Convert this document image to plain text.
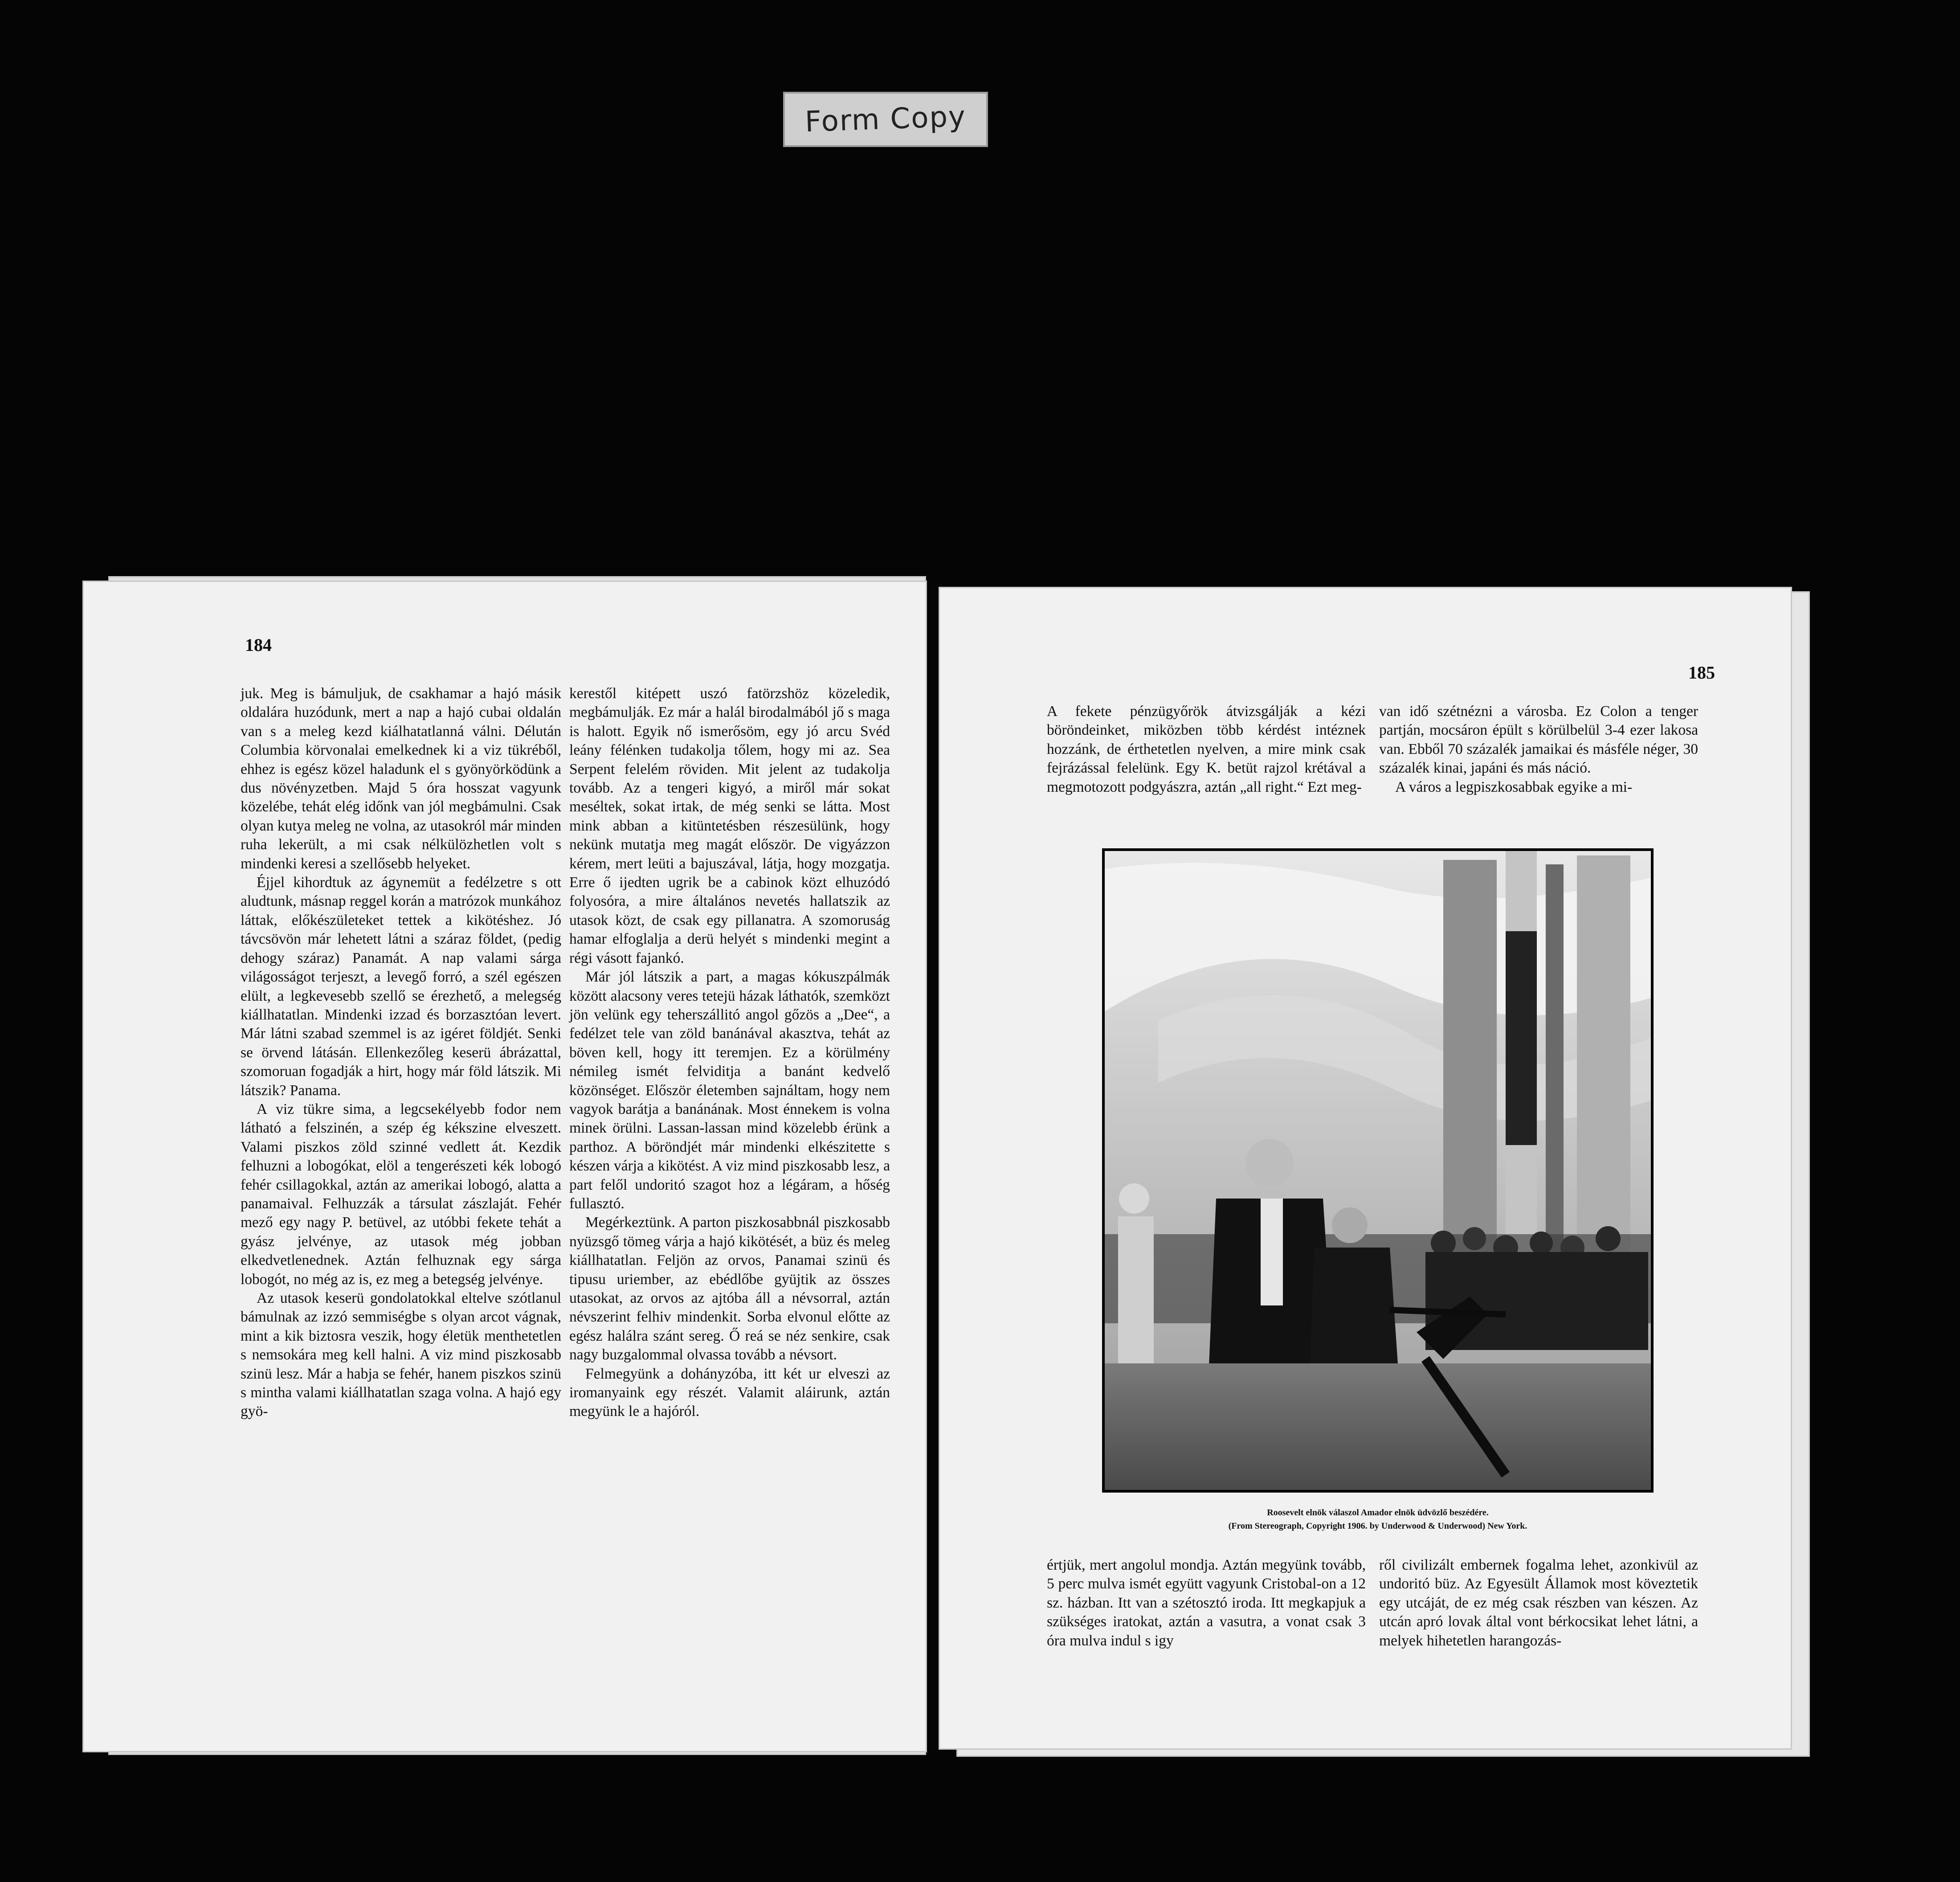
Form Copy
184

juk. Meg is bámuljuk, de csakhamar a hajó másik oldalára huzódunk, mert a nap a hajó cubai oldalán van s a meleg kezd kiálhatatlanná válni. Délután Columbia körvonalai emelkednek ki a viz tükréből, ehhez is egész közel haladunk el s gyönyörködünk a dus növényzetben. Majd 5 óra hosszat vagyunk közelébe, tehát elég időnk van jól megbámulni. Csak olyan kutya meleg ne volna, az utasokról már minden ruha lekerült, a mi csak nélkülözhetlen volt s mindenki keresi a szellősebb helyeket.

Éjjel kihordtuk az ágynemüt a fedélzetre s ott aludtunk, másnap reggel korán a matrózok munkához láttak, előkészületeket tettek a kikötéshez. Jó távcsövön már lehetett látni a száraz földet, (pedig dehogy száraz) Panamát. A nap valami sárga világosságot terjeszt, a levegő forró, a szél egészen elült, a legkevesebb szellő se érezhető, a melegség kiállhatatlan. Mindenki izzad és borzasztóan levert. Már látni szabad szemmel is az igéret földjét. Senki se örvend látásán. Ellenkezőleg keserü ábrázattal, szomoruan fogadják a hirt, hogy már föld látszik. Mi látszik? Panama.

A viz tükre sima, a legcsekélyebb fodor nem látható a felszinén, a szép ég kékszine elveszett. Valami piszkos zöld szinné vedlett át. Kezdik felhuzni a lobogókat, elöl a tengerészeti kék lobogó fehér csillagokkal, aztán az amerikai lobogó, alatta a panamaival. Felhuzzák a társulat zászlaját. Fehér mező egy nagy P. betüvel, az utóbbi fekete tehát a gyász jelvénye, az utasok még jobban elkedvetlenednek. Aztán felhuznak egy sárga lobogót, no még az is, ez meg a betegség jelvénye.

Az utasok keserü gondolatokkal eltelve szótlanul bámulnak az izzó semmiségbe s olyan arcot vágnak, mint a kik biztosra veszik, hogy életük menthetetlen s nemsokára meg kell halni. A viz mind piszkosabb szinü lesz. Már a habja se fehér, hanem piszkos szinü s mintha valami kiállhatatlan szaga volna. A hajó egy gyö-

kerestől kitépett uszó fatörzshöz közeledik, megbámulják. Ez már a halál birodalmából jő s maga is halott. Egyik nő ismerősöm, egy jó arcu Svéd leány félénken tudakolja tőlem, hogy mi az. Sea Serpent felelém röviden. Mit jelent az tudakolja tovább. Az a tengeri kigyó, a miről már sokat meséltek, sokat irtak, de még senki se látta. Most mink abban a kitüntetésben részesülünk, hogy nekünk mutatja meg magát először. De vigyázzon kérem, mert leüti a bajuszával, látja, hogy mozgatja. Erre ő ijedten ugrik be a cabinok közt elhuzódó folyosóra, a mire általános nevetés hallatszik az utasok közt, de csak egy pillanatra. A szomoruság hamar elfoglalja a derü helyét s mindenki megint a régi vásott fajankó.

Már jól látszik a part, a magas kókuszpálmák között alacsony veres tetejü házak láthatók, szemközt jön velünk egy teherszállitó angol gőzös a „Dee“, a fedélzet tele van zöld banánával akasztva, tehát az böven kell, hogy itt teremjen. Ez a körülmény némileg ismét felviditja a banánt kedvelő közönséget. Először életemben sajnáltam, hogy nem vagyok barátja a banánának. Most énnekem is volna minek örülni. Lassan-lassan mind közelebb érünk a parthoz. A böröndjét már mindenki elkészitette s készen várja a kikötést. A viz mind piszkosabb lesz, a part felől undoritó szagot hoz a légáram, a hőség fullasztó.

Megérkeztünk. A parton piszkosabbnál piszkosabb nyüzsgő tömeg várja a hajó kikötését, a büz és meleg kiállhatatlan. Feljön az orvos, Panamai szinü és tipusu uriember, az ebédlőbe gyüjtik az összes utasokat, az orvos az ajtóba áll a névsorral, aztán névszerint felhiv mindenkit. Sorba elvonul előtte az egész halálra szánt sereg. Ő reá se néz senkire, csak nagy buzgalommal olvassa tovább a névsort.

Felmegyünk a dohányzóba, itt két ur elveszi az iromanyaink egy részét. Valamit aláirunk, aztán megyünk le a hajóról.

185

A fekete pénzügyőrök átvizsgálják a kézi böröndeinket, miközben több kérdést intéznek hozzánk, de érthetetlen nyelven, a mire mink csak fejrázással felelünk. Egy K. betüt rajzol krétával a megmotozott podgyászra, aztán „all right.“ Ezt meg-

van idő szétnézni a városba. Ez Colon a tenger partján, mocsáron épült s körülbelül 3-4 ezer lakosa van. Ebből 70 százalék jamaikai és másféle néger, 30 százalék kinai, japáni és más náció.

A város a legpiszkosabbak egyike a mi-

értjük, mert angolul mondja. Aztán megyünk tovább, 5 perc mulva ismét együtt vagyunk Cristobal-on a 12 sz. házban. Itt van a szétosztó iroda. Itt megkapjuk a szükséges iratokat, aztán a vasutra, a vonat csak 3 óra mulva indul s igy

ről civilizált embernek fogalma lehet, azonkivül az undoritó büz. Az Egyesült Államok most köveztetik egy utcáját, de ez még csak részben van készen. Az utcán apró lovak által vont bérkocsikat lehet látni, a melyek hihetetlen harangozás-

Roosevelt elnök válaszol Amador elnök üdvözlő beszédére.
(From Stereograph, Copyright 1906. by Underwood & Underwood) New York.
